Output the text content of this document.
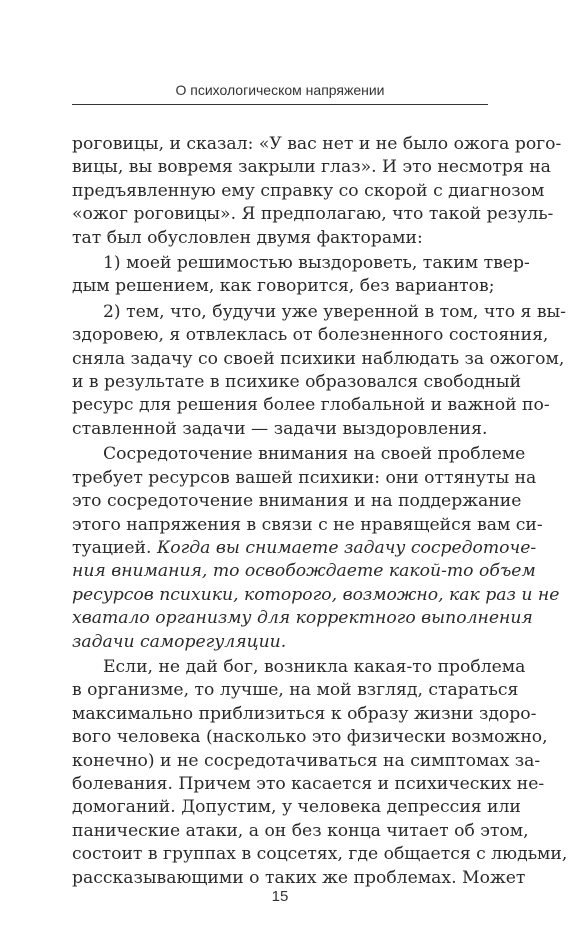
О психологическом напряжении
роговицы, и сказал: «У вас нет и не было ожога рого-
вицы, вы вовремя закрыли глаз». И это несмотря на
предъявленную ему справку со скорой с диагнозом
«ожог роговицы». Я предполагаю, что такой резуль-
тат был обусловлен двумя факторами:
1) моей решимостью выздороветь, таким твер-
дым решением, как говорится, без вариантов;
2) тем, что, будучи уже уверенной в том, что я вы-
здоровею, я отвлеклась от болезненного состояния,
сняла задачу со своей психики наблюдать за ожогом,
и в результате в психике образовался свободный
ресурс для решения более глобальной и важной по-
ставленной задачи — задачи выздоровления.
Сосредоточение внимания на своей проблеме
требует ресурсов вашей психики: они оттянуты на
это сосредоточение внимания и на поддержание
этого напряжения в связи с не нравящейся вам си-
туацией. Когда вы снимаете задачу сосредоточе-
ния внимания, то освобождаете какой-то объем
ресурсов психики, которого, возможно, как раз и не
хватало организму для корректного выполнения
задачи саморегуляции.
Если, не дай бог, возникла какая-то проблема
в организме, то лучше, на мой взгляд, стараться
максимально приблизиться к образу жизни здоро-
вого человека (насколько это физически возможно,
конечно) и не сосредотачиваться на симптомах за-
болевания. Причем это касается и психических не-
домоганий. Допустим, у человека депрессия или
панические атаки, а он без конца читает об этом,
состоит в группах в соцсетях, где общается с людьми,
рассказывающими о таких же проблемах. Может
15
